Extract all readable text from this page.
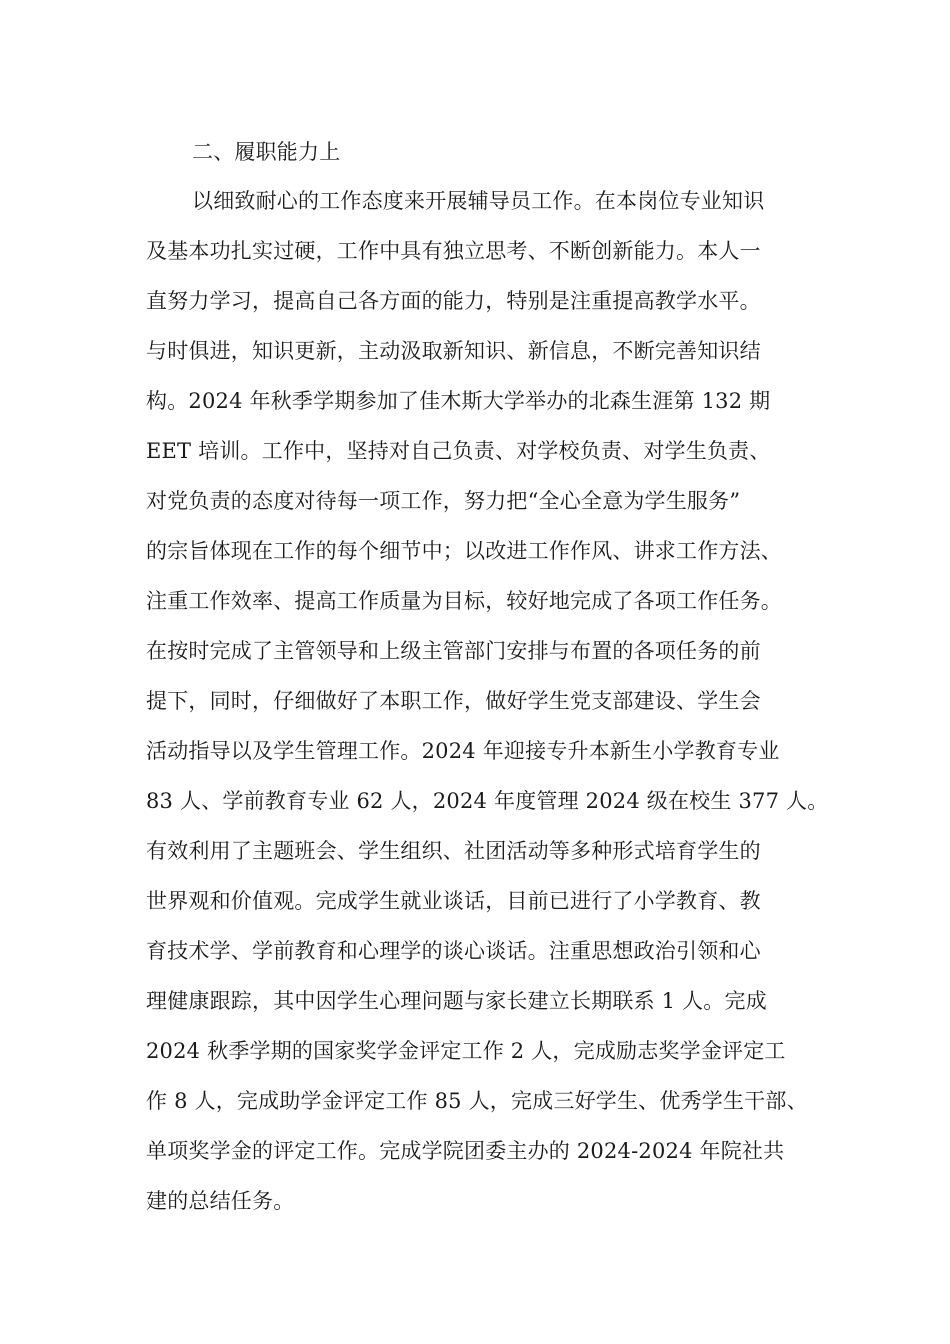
二、履职能力上
以细致耐心的工作态度来开展辅导员工作。在本岗位专业知识
及基本功扎实过硬，工作中具有独立思考、不断创新能力。本人一
直努力学习，提高自己各方面的能力，特别是注重提高教学水平。
与时俱进，知识更新，主动汲取新知识、新信息，不断完善知识结
构。2024 年秋季学期参加了佳木斯大学举办的北森生涯第 132 期
EET 培训。工作中，坚持对自己负责、对学校负责、对学生负责、
对党负责的态度对待每一项工作，努力把“全心全意为学生服务”
的宗旨体现在工作的每个细节中；以改进工作作风、讲求工作方法、
注重工作效率、提高工作质量为目标，较好地完成了各项工作任务。
在按时完成了主管领导和上级主管部门安排与布置的各项任务的前
提下，同时，仔细做好了本职工作，做好学生党支部建设、学生会
活动指导以及学生管理工作。2024 年迎接专升本新生小学教育专业
83 人、学前教育专业 62 人，2024 年度管理 2024 级在校生 377 人。
有效利用了主题班会、学生组织、社团活动等多种形式培育学生的
世界观和价值观。完成学生就业谈话，目前已进行了小学教育、教
育技术学、学前教育和心理学的谈心谈话。注重思想政治引领和心
理健康跟踪，其中因学生心理问题与家长建立长期联系 1 人。完成
2024 秋季学期的国家奖学金评定工作 2 人，完成励志奖学金评定工
作 8 人，完成助学金评定工作 85 人，完成三好学生、优秀学生干部、
单项奖学金的评定工作。完成学院团委主办的 2024-2024 年院社共
建的总结任务。
